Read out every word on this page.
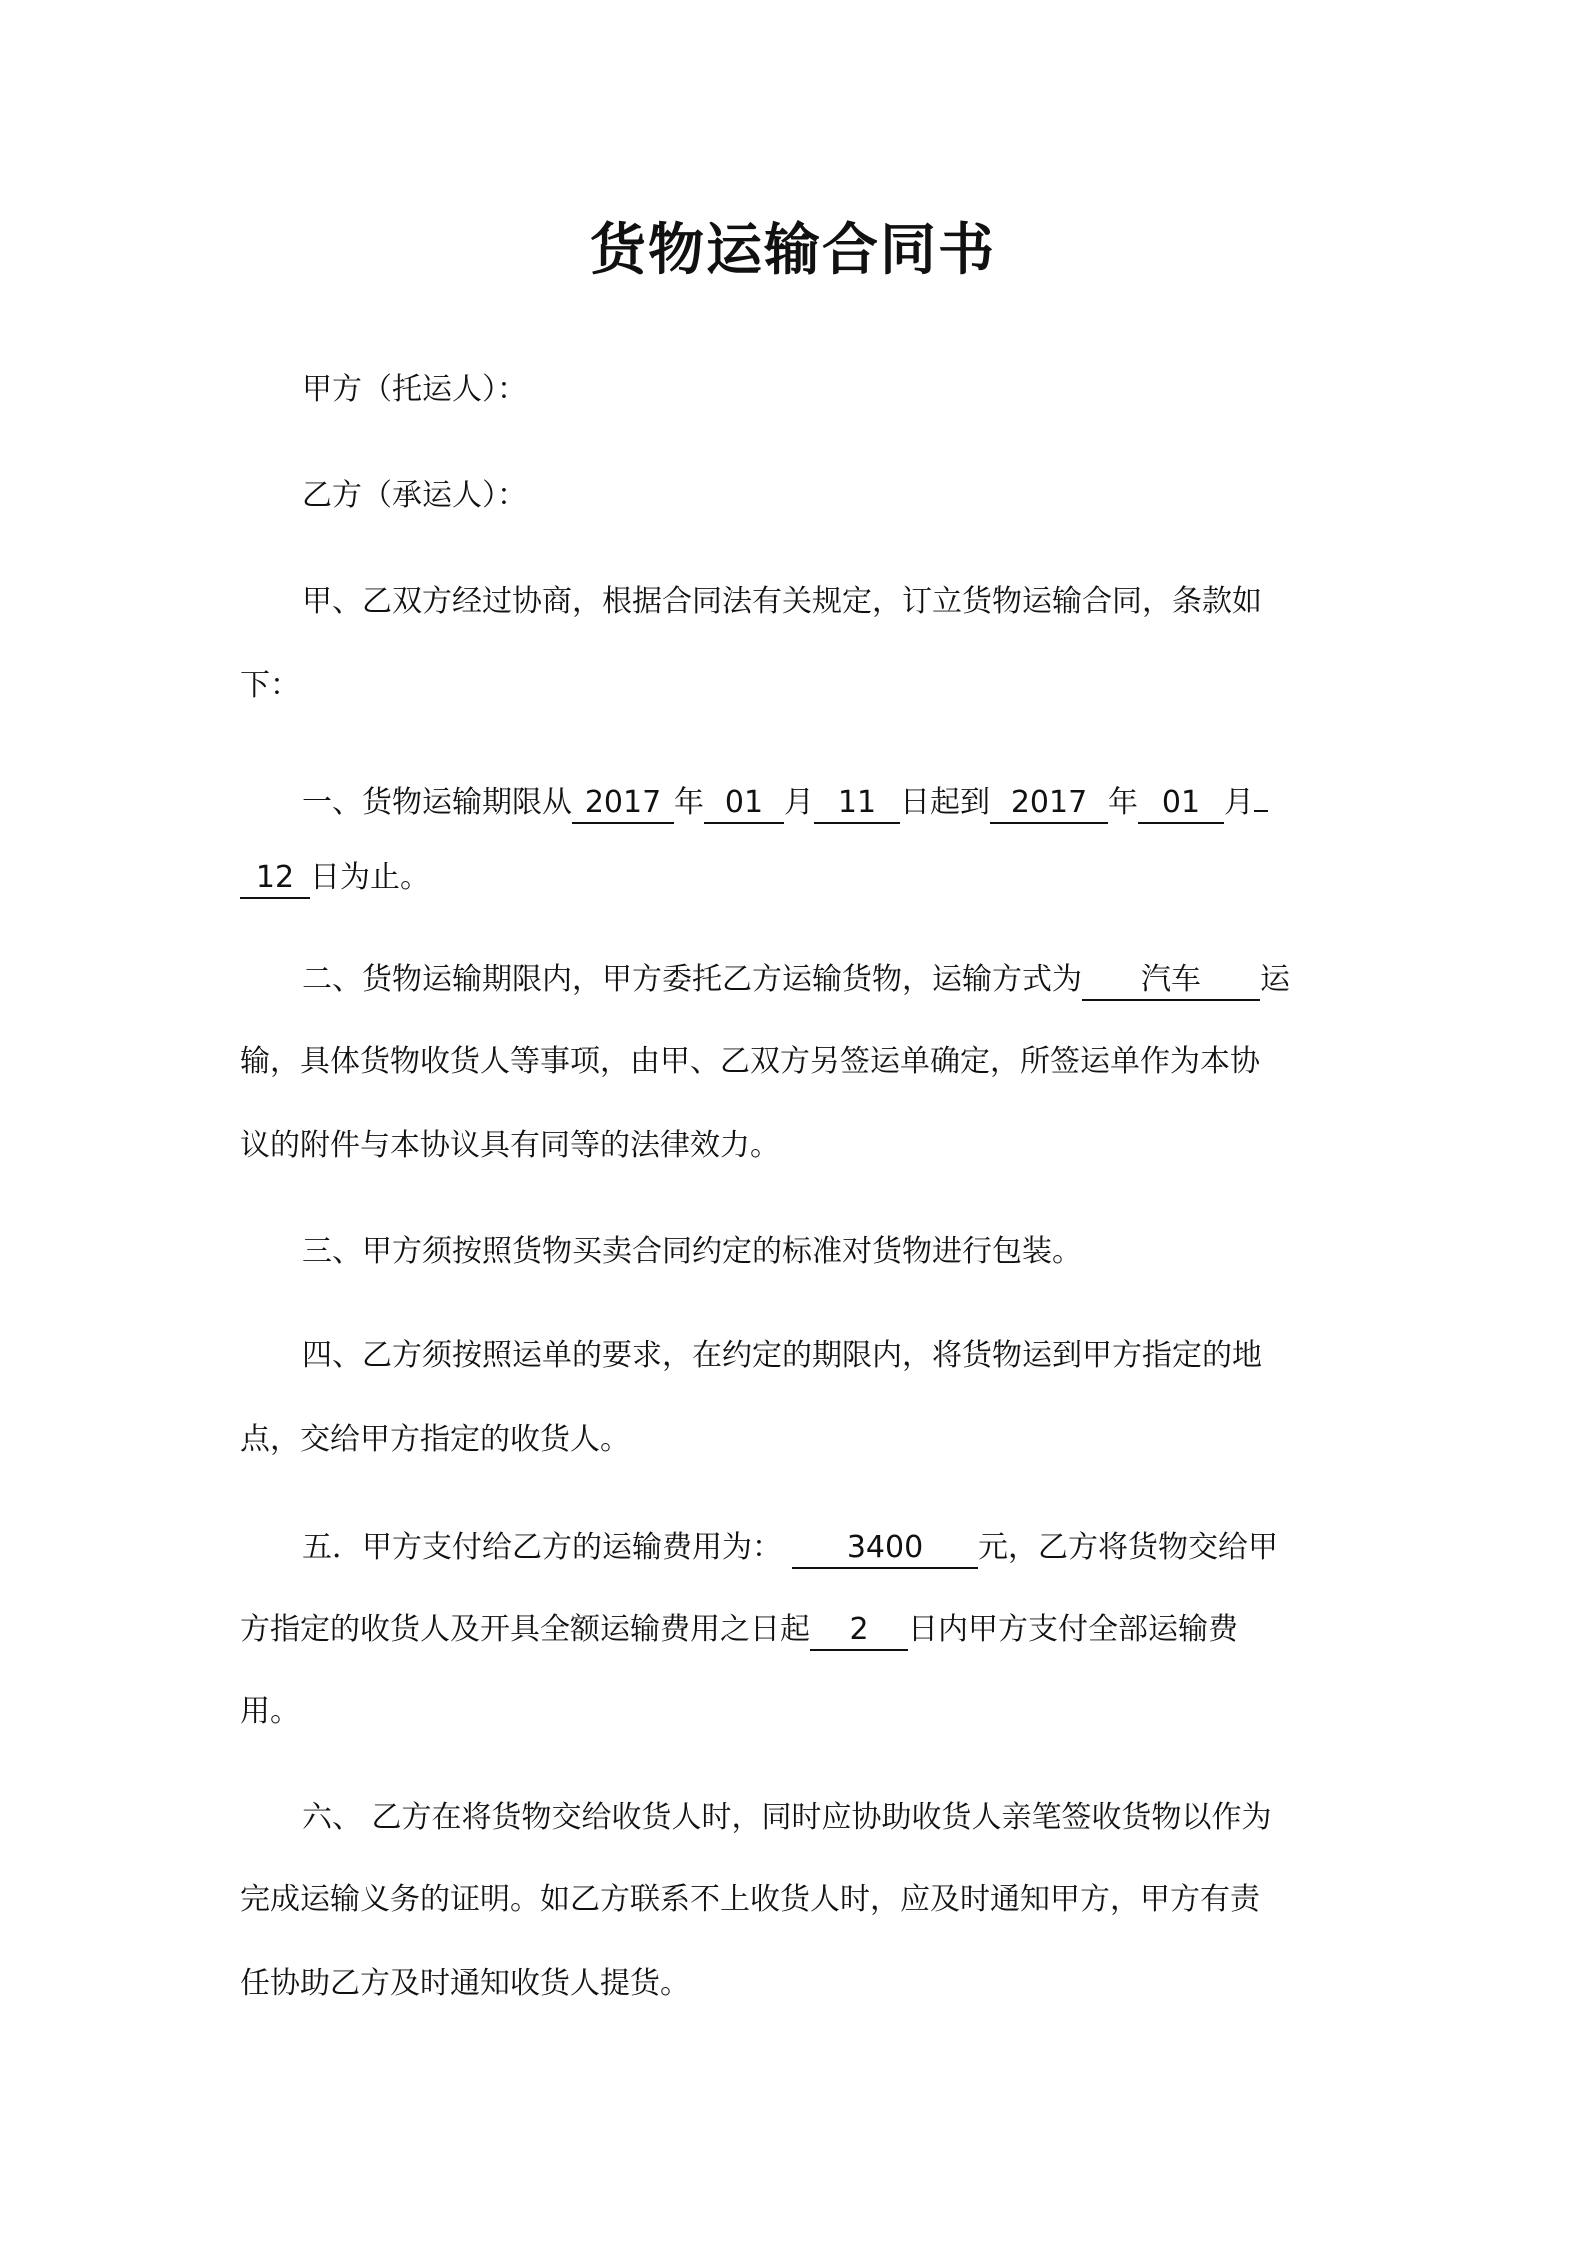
货物运输合同书
甲方（托运人）：
乙方（承运人）：
甲、乙双方经过协商，根据合同法有关规定，订立货物运输合同，条款如
下：
一、货物运输期限从 2017 年 01 月 11 日起到 2017 年 01 月
12 日为止。
二、货物运输期限内，甲方委托乙方运输货物，运输方式为 汽车 运
输，具体货物收货人等事项，由甲、乙双方另签运单确定，所签运单作为本协
议的附件与本协议具有同等的法律效力。
三、甲方须按照货物买卖合同约定的标准对货物进行包装。
四、乙方须按照运单的要求，在约定的期限内，将货物运到甲方指定的地
点，交给甲方指定的收货人。
五．甲方支付给乙方的运输费用为： 3400 元，乙方将货物交给甲
方指定的收货人及开具全额运输费用之日起 2 日内甲方支付全部运输费
用。
六、 乙方在将货物交给收货人时，同时应协助收货人亲笔签收货物以作为
完成运输义务的证明。如乙方联系不上收货人时，应及时通知甲方，甲方有责
任协助乙方及时通知收货人提货。
